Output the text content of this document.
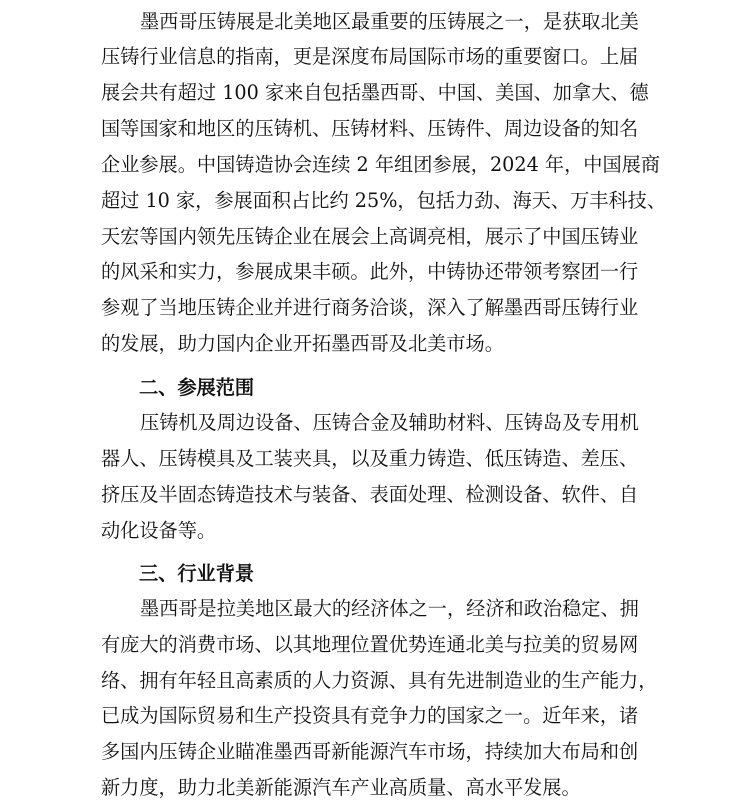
墨西哥压铸展是北美地区最重要的压铸展之一，是获取北美
压铸行业信息的指南，更是深度布局国际市场的重要窗口。上届
展会共有超过 100 家来自包括墨西哥、中国、美国、加拿大、德
国等国家和地区的压铸机、压铸材料、压铸件、周边设备的知名
企业参展。中国铸造协会连续 2 年组团参展，2024 年，中国展商
超过 10 家，参展面积占比约 25%，包括力劲、海天、万丰科技、
天宏等国内领先压铸企业在展会上高调亮相，展示了中国压铸业
的风采和实力，参展成果丰硕。此外，中铸协还带领考察团一行
参观了当地压铸企业并进行商务洽谈，深入了解墨西哥压铸行业
的发展，助力国内企业开拓墨西哥及北美市场。
二、参展范围
压铸机及周边设备、压铸合金及辅助材料、压铸岛及专用机
器人、压铸模具及工装夹具，以及重力铸造、低压铸造、差压、
挤压及半固态铸造技术与装备、表面处理、检测设备、软件、自
动化设备等。
三、行业背景
墨西哥是拉美地区最大的经济体之一，经济和政治稳定、拥
有庞大的消费市场、以其地理位置优势连通北美与拉美的贸易网
络、拥有年轻且高素质的人力资源、具有先进制造业的生产能力，
已成为国际贸易和生产投资具有竞争力的国家之一。近年来，诸
多国内压铸企业瞄准墨西哥新能源汽车市场，持续加大布局和创
新力度，助力北美新能源汽车产业高质量、高水平发展。
